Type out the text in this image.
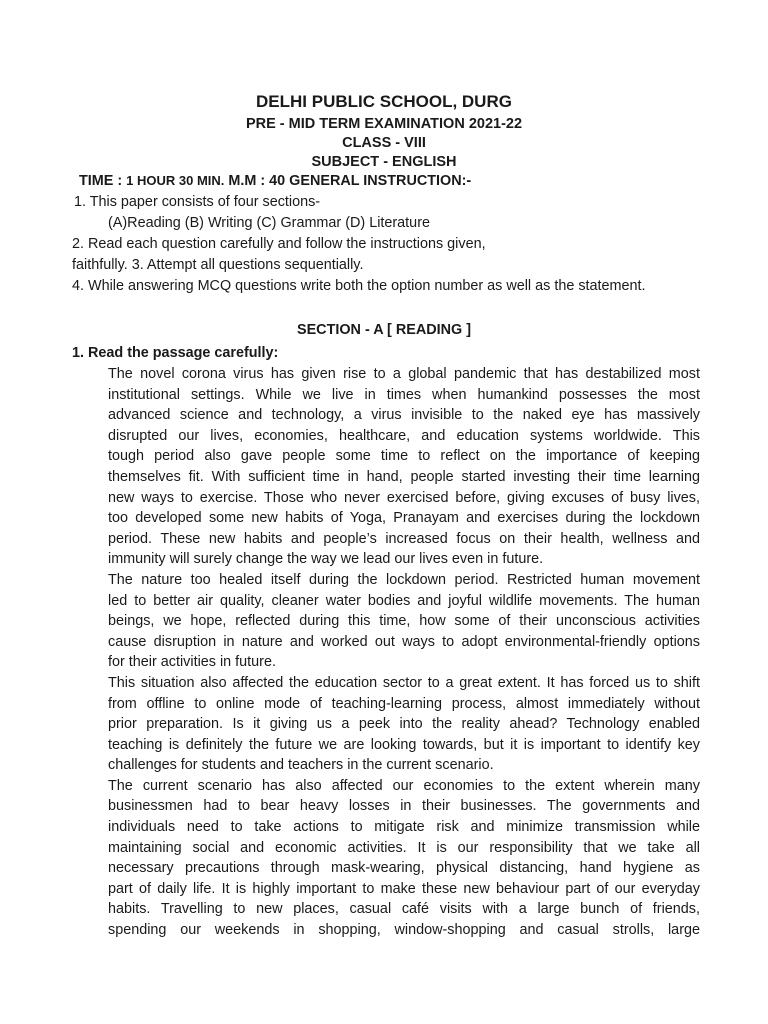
DELHI PUBLIC SCHOOL, DURG
PRE - MID TERM EXAMINATION 2021-22
CLASS - VIII
SUBJECT - ENGLISH
TIME : 1 HOUR 30 MIN. M.M : 40 GENERAL INSTRUCTION:-
1. This paper consists of four sections-
(A)Reading (B) Writing (C) Grammar (D) Literature
2. Read each question carefully and follow the instructions given,
faithfully. 3. Attempt all questions sequentially.
4. While answering MCQ questions write both the option number as well as the statement.
SECTION - A [ READING ]
1. Read the passage carefully:
The novel corona virus has given rise to a global pandemic that has destabilized most
institutional settings. While we live in times when humankind possesses the most
advanced science and technology, a virus invisible to the naked eye has massively
disrupted our lives, economies, healthcare, and education systems worldwide. This
tough period also gave people some time to reflect on the importance of keeping
themselves fit. With sufficient time in hand, people started investing their time learning
new ways to exercise. Those who never exercised before, giving excuses of busy lives,
too developed some new habits of Yoga, Pranayam and exercises during the lockdown
period. These new habits and people’s increased focus on their health, wellness and
immunity will surely change the way we lead our lives even in future.
The nature too healed itself during the lockdown period. Restricted human movement
led to better air quality, cleaner water bodies and joyful wildlife movements. The human
beings, we hope, reflected during this time, how some of their unconscious activities
cause disruption in nature and worked out ways to adopt environmental-friendly options
for their activities in future.
This situation also affected the education sector to a great extent. It has forced us to shift
from offline to online mode of teaching-learning process, almost immediately without
prior preparation. Is it giving us a peek into the reality ahead? Technology enabled
teaching is definitely the future we are looking towards, but it is important to identify key
challenges for students and teachers in the current scenario.
The current scenario has also affected our economies to the extent wherein many
businessmen had to bear heavy losses in their businesses. The governments and
individuals need to take actions to mitigate risk and minimize transmission while
maintaining social and economic activities. It is our responsibility that we take all
necessary precautions through mask-wearing, physical distancing, hand hygiene as
part of daily life. It is highly important to make these new behaviour part of our everyday
habits. Travelling to new places, casual café visits with a large bunch of friends,
spending our weekends in shopping, window-shopping and casual strolls, large
